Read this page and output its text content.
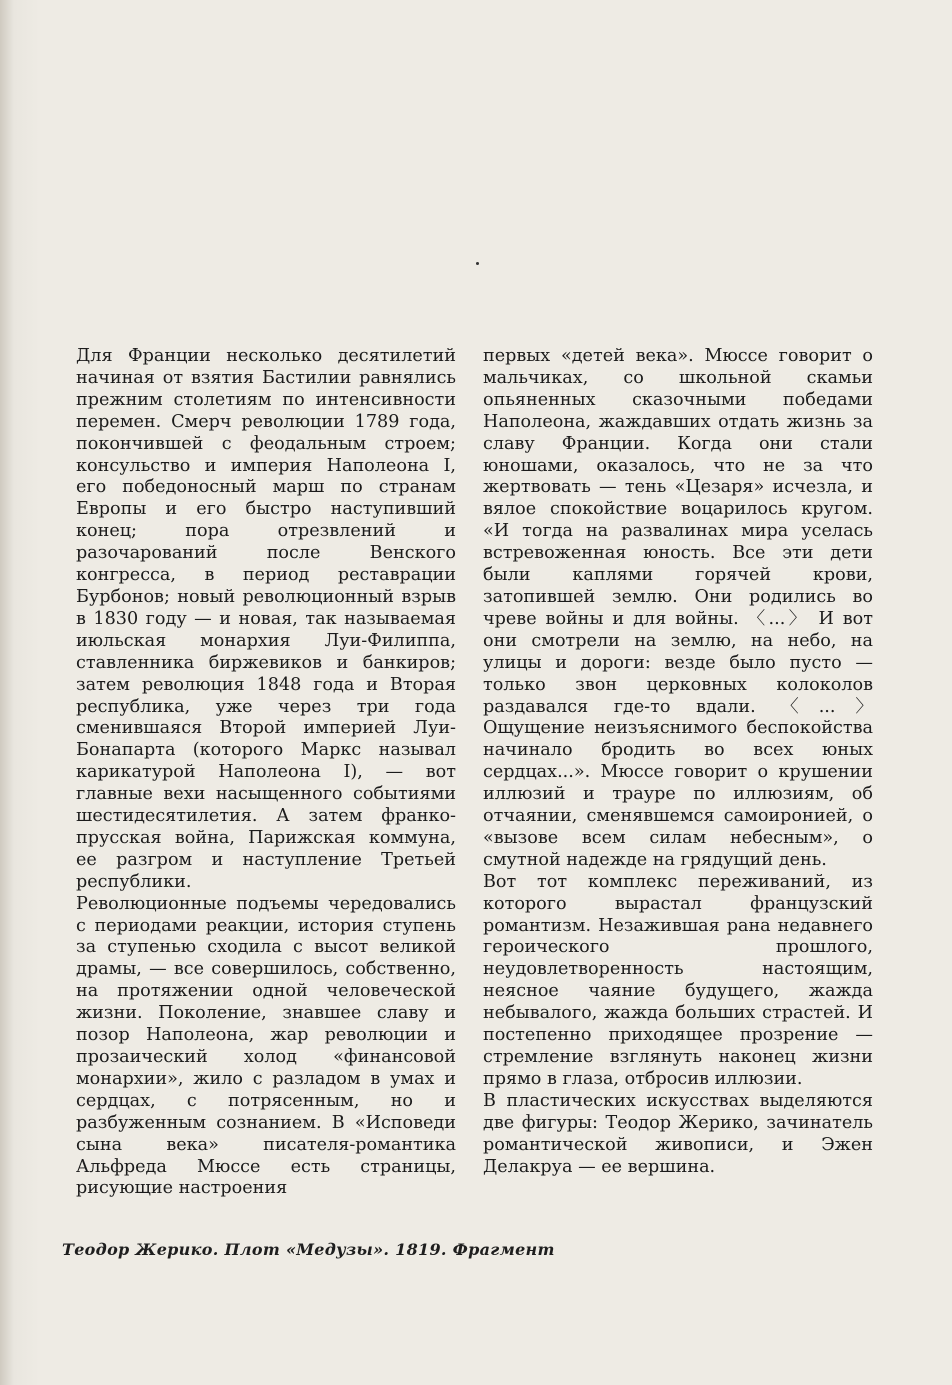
Для Франции несколько десятилетий начиная от взятия Бастилии равнялись прежним столетиям по интенсивности перемен. Смерч революции 1789 года, покончившей с феодальным строем; консульство и империя Наполеона I, его победоносный марш по странам Европы и его быстро наступивший конец; пора отрезвлений и разочарований после Венского конгресса, в период реставрации Бурбонов; новый революционный взрыв в 1830 году — и новая, так называемая июльская монархия Луи-Филиппа, ставленника биржевиков и банкиров; затем революция 1848 года и Вторая республика, уже через три года сменившаяся Второй империей Луи-Бонапарта (которого Маркс называл карикатурой Наполеона I), — вот главные вехи насыщенного событиями шестидесятилетия. А затем франко-прусская война, Парижская коммуна, ее разгром и наступление Третьей республики.

Революционные подъемы чередовались с периодами реакции, история ступень за ступенью сходила с высот великой драмы, — все совершилось, собственно, на протяжении одной человеческой жизни. Поколение, знавшее славу и позор Наполеона, жар революции и прозаический холод «финансовой монархии», жило с разладом в умах и сердцах, с потрясенным, но и разбуженным сознанием. В «Исповеди сына века» писателя-романтика Альфреда Мюссе есть страницы, рисующие настроения

первых «детей века». Мюссе говорит о мальчиках, со школьной скамьи опьяненных сказочными победами Наполеона, жаждавших отдать жизнь за славу Франции. Когда они стали юношами, оказалось, что не за что жертвовать — тень «Цезаря» исчезла, и вялое спокойствие воцарилось кругом. «И тогда на развалинах мира уселась встревоженная юность. Все эти дети были каплями горячей крови, затопившей землю. Они родились во чреве войны и для войны. 〈...〉 И вот они смотрели на землю, на небо, на улицы и дороги: везде было пусто — только звон церковных колоколов раздавался где-то вдали. 〈...〉 Ощущение неизъяснимого беспокойства начинало бродить во всех юных сердцах...». Мюссе говорит о крушении иллюзий и трауре по иллюзиям, об отчаянии, сменявшемся самоиронией, о «вызове всем силам небесным», о смутной надежде на грядущий день.

Вот тот комплекс переживаний, из которого вырастал французский романтизм. Незажившая рана недавнего героического прошлого, неудовлетворенность настоящим, неясное чаяние будущего, жажда небывалого, жажда больших страстей. И постепенно приходящее прозрение — стремление взглянуть наконец жизни прямо в глаза, отбросив иллюзии.

В пластических искусствах выделяются две фигуры: Теодор Жерико, зачинатель романтической живописи, и Эжен Делакруа — ее вершина.

Теодор Жерико. Плот «Медузы». 1819. Фрагмент
